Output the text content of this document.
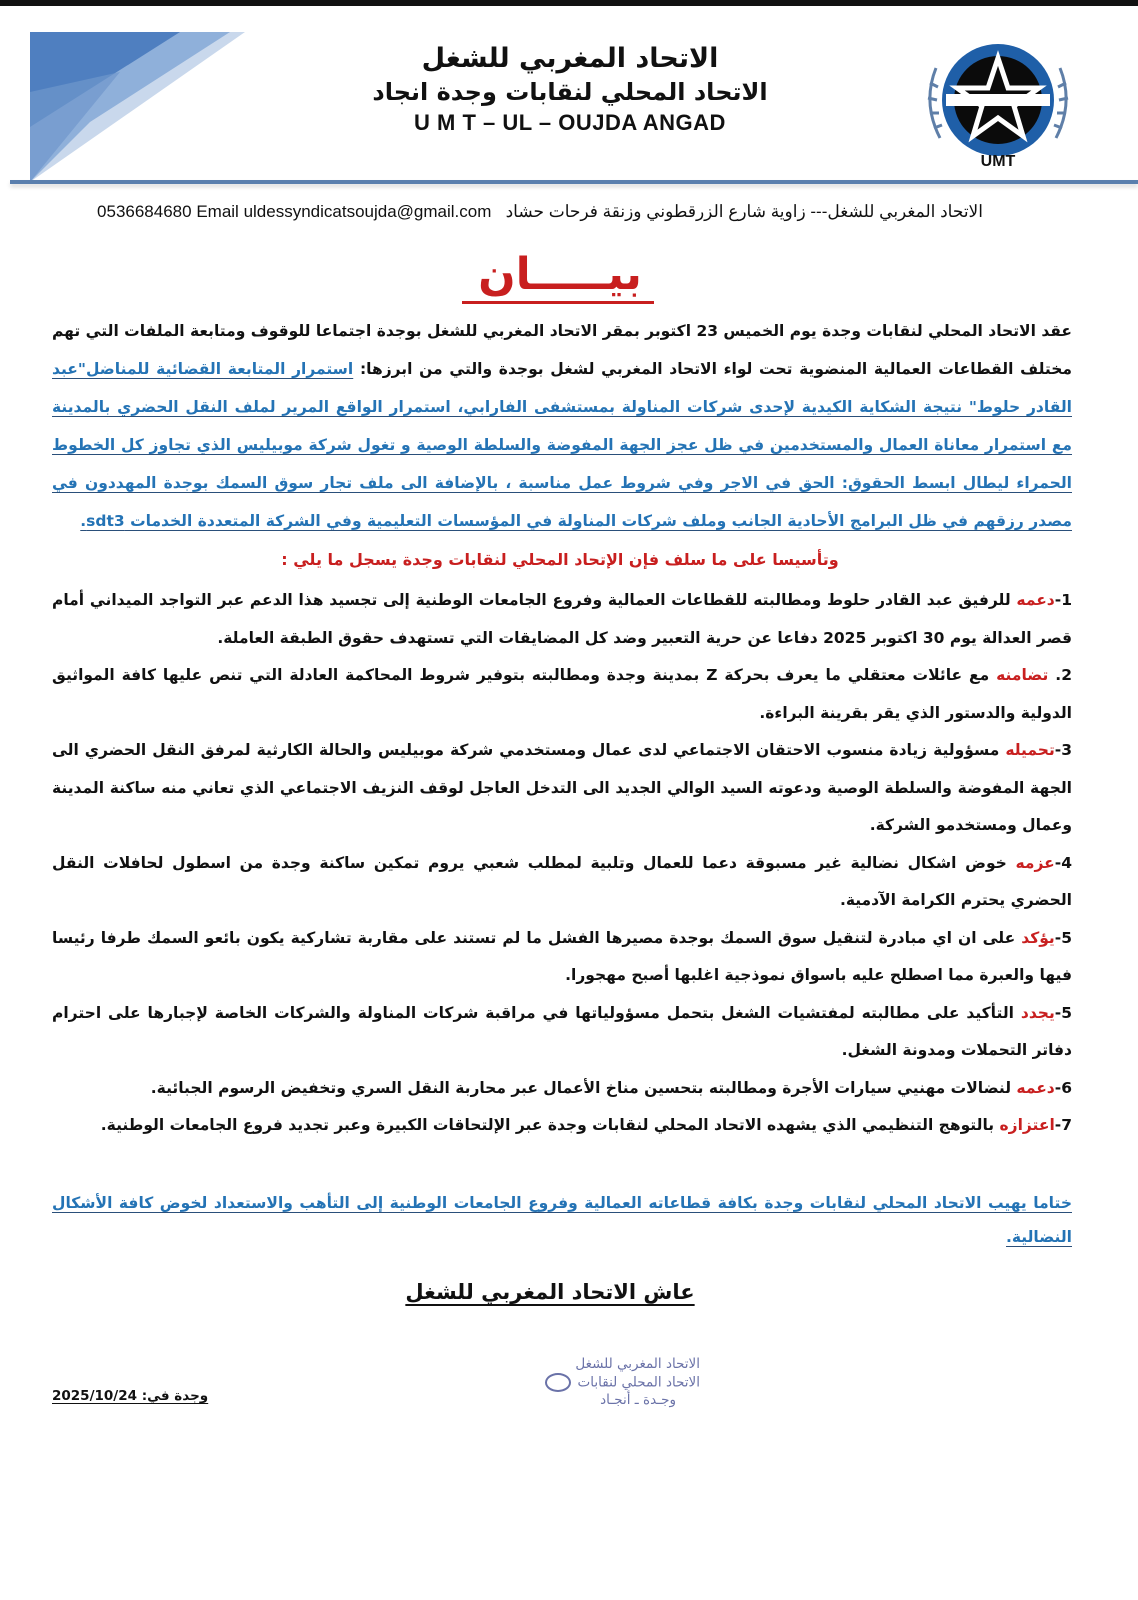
الاتحاد المغربي للشغل
الاتحاد المحلي لنقابات وجدة انجاد
U M T – UL – OUJDA ANGAD
UMT
الاتحاد المغربي للشغل--- زاوية شارع الزرقطوني وزنقة فرحات حشاد   0536684680 Email uldessyndicatsoujda@gmail.com
بيـــــان
عقد الاتحاد المحلي لنقابات وجدة يوم الخميس 23 اكتوبر بمقر الاتحاد المغربي للشغل بوجدة اجتماعا للوقوف ومتابعة الملفات التي تهم مختلف القطاعات العمالية المنضوية تحت لواء الاتحاد المغربي لشغل بوجدة والتي من ابرزها: استمرار المتابعة القضائية للمناضل"عبد القادر حلوط" نتيجة الشكاية الكيدية لإحدى شركات المناولة بمستشفى الفارابي، استمرار الواقع المرير لملف النقل الحضري بالمدينة مع استمرار معاناة العمال والمستخدمين في ظل عجز الجهة المفوضة والسلطة الوصية و تغول شركة موبيليس الذي تجاوز كل الخطوط الحمراء ليطال ابسط الحقوق: الحق في الاجر وفي شروط عمل مناسبة ، بالإضافة الى ملف تجار سوق السمك بوجدة المهددون في مصدر رزقهم في ظل البرامج الأحادية الجانب وملف شركات المناولة في المؤسسات التعليمية وفي الشركة المتعددة الخدمات sdt3.
وتأسيسا على ما سلف فإن الإتحاد المحلي لنقابات وجدة يسجل ما يلي :

1-دعمه للرفيق عبد القادر حلوط ومطالبته للقطاعات العمالية وفروع الجامعات الوطنية إلى تجسيد هذا الدعم عبر التواجد الميداني أمام قصر العدالة يوم 30 اكتوبر 2025 دفاعا عن حرية التعبير وضد كل المضايقات التي تستهدف حقوق الطبقة العاملة.

2. تضامنه مع عائلات معتقلي ما يعرف بحركة Z بمدينة وجدة ومطالبته بتوفير شروط المحاكمة العادلة التي تنص عليها كافة المواثيق الدولية والدستور الذي يقر بقرينة البراءة.

3-تحميله مسؤولية زيادة منسوب الاحتقان الاجتماعي لدى عمال ومستخدمي شركة موبيليس والحالة الكارثية لمرفق النقل الحضري الى الجهة المفوضة والسلطة الوصية ودعوته السيد الوالي الجديد الى التدخل العاجل لوقف النزيف الاجتماعي الذي تعاني منه ساكنة المدينة وعمال ومستخدمو الشركة.

4-عزمه خوض اشكال نضالية غير مسبوقة دعما للعمال وتلبية لمطلب شعبي يروم تمكين ساكنة وجدة من اسطول لحافلات النقل الحضري يحترم الكرامة الآدمية.

5-يؤكد على ان اي مبادرة لتنقيل سوق السمك بوجدة مصيرها الفشل ما لم تستند على مقاربة تشاركية يكون بائعو السمك طرفا رئيسا فيها والعبرة مما اصطلح عليه باسواق نموذجية اغلبها أصبح مهجورا.

5-يجدد التأكيد على مطالبته لمفتشيات الشغل بتحمل مسؤولياتها في مراقبة شركات المناولة والشركات الخاصة لإجبارها على احترام دفاتر التحملات ومدونة الشغل.

6-دعمه لنضالات مهنيي سيارات الأجرة ومطالبته بتحسين مناخ الأعمال عبر محاربة النقل السري وتخفيض الرسوم الجبائية.

7-اعتزازه بالتوهج التنظيمي الذي يشهده الاتحاد المحلي لنقابات وجدة عبر الإلتحاقات الكبيرة وعبر تجديد فروع الجامعات الوطنية.

ختاما يهيب الاتحاد المحلي لنقابات وجدة بكافة قطاعاته العمالية وفروع الجامعات الوطنية إلى التأهب والاستعداد لخوض كافة الأشكال النضالية.
عاش الاتحاد المغربي للشغل
الاتحاد المغربي للشغل
الاتحاد المحلي لنقابات
وجـدة ـ أنجـاد
وجدة في: 2025/10/24
